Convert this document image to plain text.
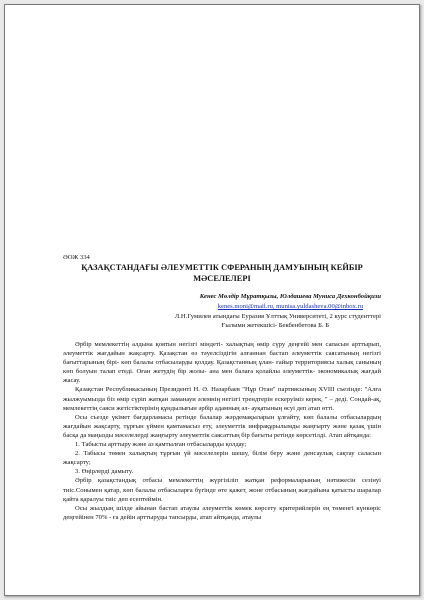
ӘОЖ 334
ҚАЗАҚСТАНДАҒЫ ӘЛЕУМЕТТІК СФЕРАНЫҢ ДАМУЫНЫҢ КЕЙБІР
МӘСЕЛЕЛЕРІ
Кенес Мөлдір Мұратқызы, Юлдашева Муниса Дехконбойқизи
kenes.moni@mail.ru, munisa.yuldasheva.00@inbox.ru
Л.Н.Гумилев атындағы Еуразия Ұлттық Университеті, 2 курс студенттері
Ғылыми жетекшісі- Бекбенбетова Б. Б

Әрбір мемлекеттің алдына қоятын негізгі міндеті- халықтың өмір сүру деңгейі мен сапасын арттырып, әлеуметтік жағдайын жақсарту. Қазақстан өз тәуелсіздігін алғаннан бастап әлеуметтік саясатының негізгі бағыттарының бірі- көп балалы отбасыларды қолдау. Қазақстанның ұлан- ғайыр территориясы халық санының көп болуын талап етеді. Оған жетудің бір жолы- ана мен балаға қолайлы әлеуметтік- экономикалық жағдай жасау.

Қазақстан Республикасының Президенті Н. Ә. Назарбаев "Нұр Отан" партиясының XVIII съезінде: "Алға жылжуымызда біз өмір сүріп жатқан заманауи әлемнің негізгі трендтерін ескеруіміз керек, " – деді. Сондай-ақ, мемлекеттің саяси жетістіктерінің құндылығын әрбір адамның əл- ауқатының өсуі деп атап өтті.

Осы съезде үкімет бағдарламасы ретінде балалар жәрдемақыларын ұлғайту, көп балалы отбасылардың жағдайын жақсарту, тұрғын үймен қамтамасыз ету, әлеуметтік инфрақұрылымды жаңғырту және қазақ үшін басқа да маңызды мәселелерді жаңғырту әлеуметтік саясаттың бір бағыты ретінде көрсетілді. Атап айтқанда:

1. Табысты арттыру және аз қамтылған отбасыларды қолдау;

2. Табысы төмен халықтың тұрғын үй мәселелерін шешу, білім беру және денсаулық сақтау саласын жақсарту;

3. Өңірлерді дамыту.

Әрбір қазақстандық отбасы мемлекеттің жүргізіліп жатқан реформаларының нәтижесін сезінуі тиіс.Сонымен қатар, көп балалы отбасыларға бүгінде өте қажет, жоне отбасының жағдайына қатысты шаралар қайта қаралуы тиіс деп есептеймін.

Осы жылдың шілде айынан бастап атаулы әлеуметтік көмек көрсету критерийлерін ең төменгі күнкөріс деңгейінен 70% - ға дейін арттыруды тапсырды, атап айтқанда, атаулы
